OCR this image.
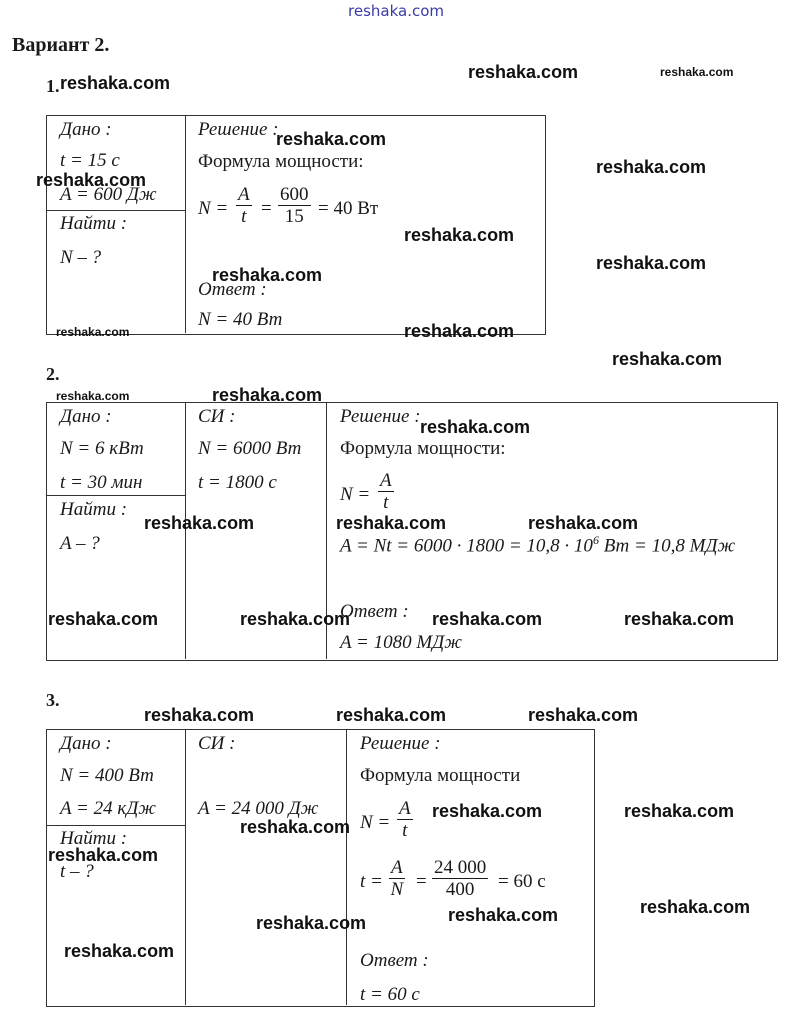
reshaka.com
Вариант 2.
1.
Дано :
t = 15 с
A = 600 Дж
Найти :
N – ?
Решение :
Формула мощности:
$N = \frac{A}{t} = \frac{600}{15} = 40$ Вт
Ответ :
N = 40 Вт
2.
Дано :
N = 6 кВт
t = 30 мин
Найти :
A – ?
СИ :
N = 6000 Вт
t = 1800 с
Решение :
Формула мощности:
$N = \frac{A}{t}$
$A = Nt = 6000 \cdot 1800 = 10,8 \cdot 10^6$ Вт = 10,8 МДж
Ответ :
A = 1080 МДж
3.
Дано :
N = 400 Вт
A = 24 кДж
Найти :
t – ?
СИ :
A = 24 000 Дж
Решение :
Формула мощности
$N = \frac{A}{t}$
$t = \frac{A}{N} = \frac{24 000}{400} = 60$ с
Ответ :
t = 60 с
reshaka.com
reshaka.com	reshaka.com
reshaka.com
reshaka.com
reshaka.com
reshaka.com
reshaka.com
reshaka.com
reshaka.com	reshaka.com
reshaka.com
reshaka.com	reshaka.com
reshaka.com
reshaka.com	reshaka.com	reshaka.com
reshaka.com	reshaka.com	reshaka.com	reshaka.com
reshaka.com	reshaka.com	reshaka.com
reshaka.com	reshaka.com
reshaka.com
reshaka.com
reshaka.com
reshaka.com
reshaka.com
reshaka.com
